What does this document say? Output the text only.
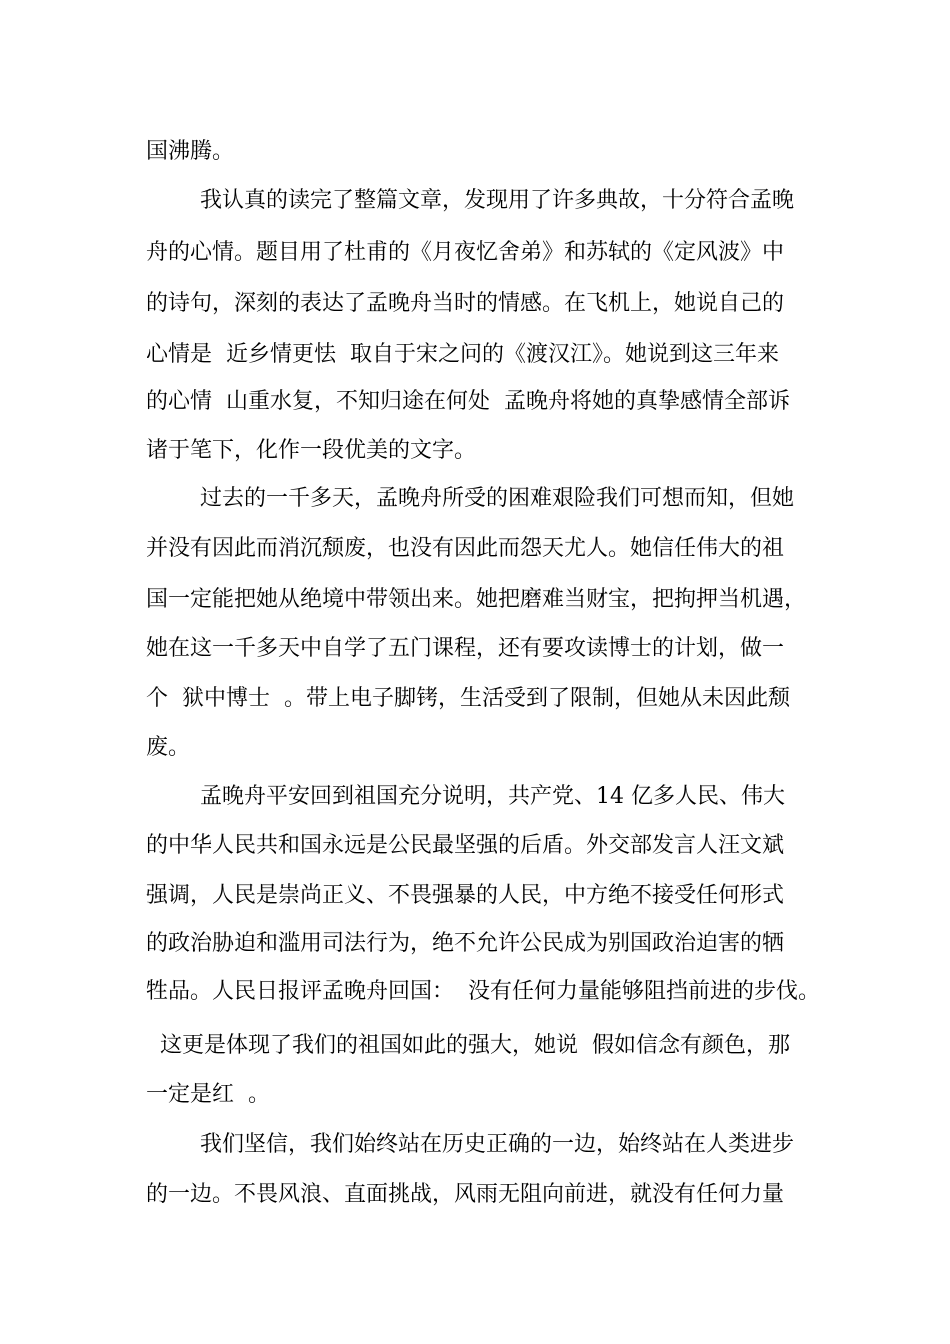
国沸腾。
我认真的读完了整篇文章，发现用了许多典故，十分符合孟晚
舟的心情。题目用了杜甫的《月夜忆舍弟》和苏轼的《定风波》中
的诗句，深刻的表达了孟晚舟当时的情感。在飞机上，她说自己的
心情是  近乡情更怯  取自于宋之问的《渡汉江》。她说到这三年来
的心情  山重水复，不知归途在何处  孟晚舟将她的真挚感情全部诉
诸于笔下，化作一段优美的文字。
过去的一千多天，孟晚舟所受的困难艰险我们可想而知，但她
并没有因此而消沉颓废，也没有因此而怨天尤人。她信任伟大的祖
国一定能把她从绝境中带领出来。她把磨难当财宝，把拘押当机遇，
她在这一千多天中自学了五门课程，还有要攻读博士的计划，做一
个  狱中博士  。带上电子脚铐，生活受到了限制，但她从未因此颓
废。
孟晚舟平安回到祖国充分说明，共产党、14 亿多人民、伟大
的中华人民共和国永远是公民最坚强的后盾。外交部发言人汪文斌
强调，人民是崇尚正义、不畏强暴的人民，中方绝不接受任何形式
的政治胁迫和滥用司法行为，绝不允许公民成为别国政治迫害的牺
牲品。人民日报评孟晚舟回国：  没有任何力量能够阻挡前进的步伐。
这更是体现了我们的祖国如此的强大，她说  假如信念有颜色，那
一定是红  。
我们坚信，我们始终站在历史正确的一边，始终站在人类进步
的一边。不畏风浪、直面挑战，风雨无阻向前进，就没有任何力量
